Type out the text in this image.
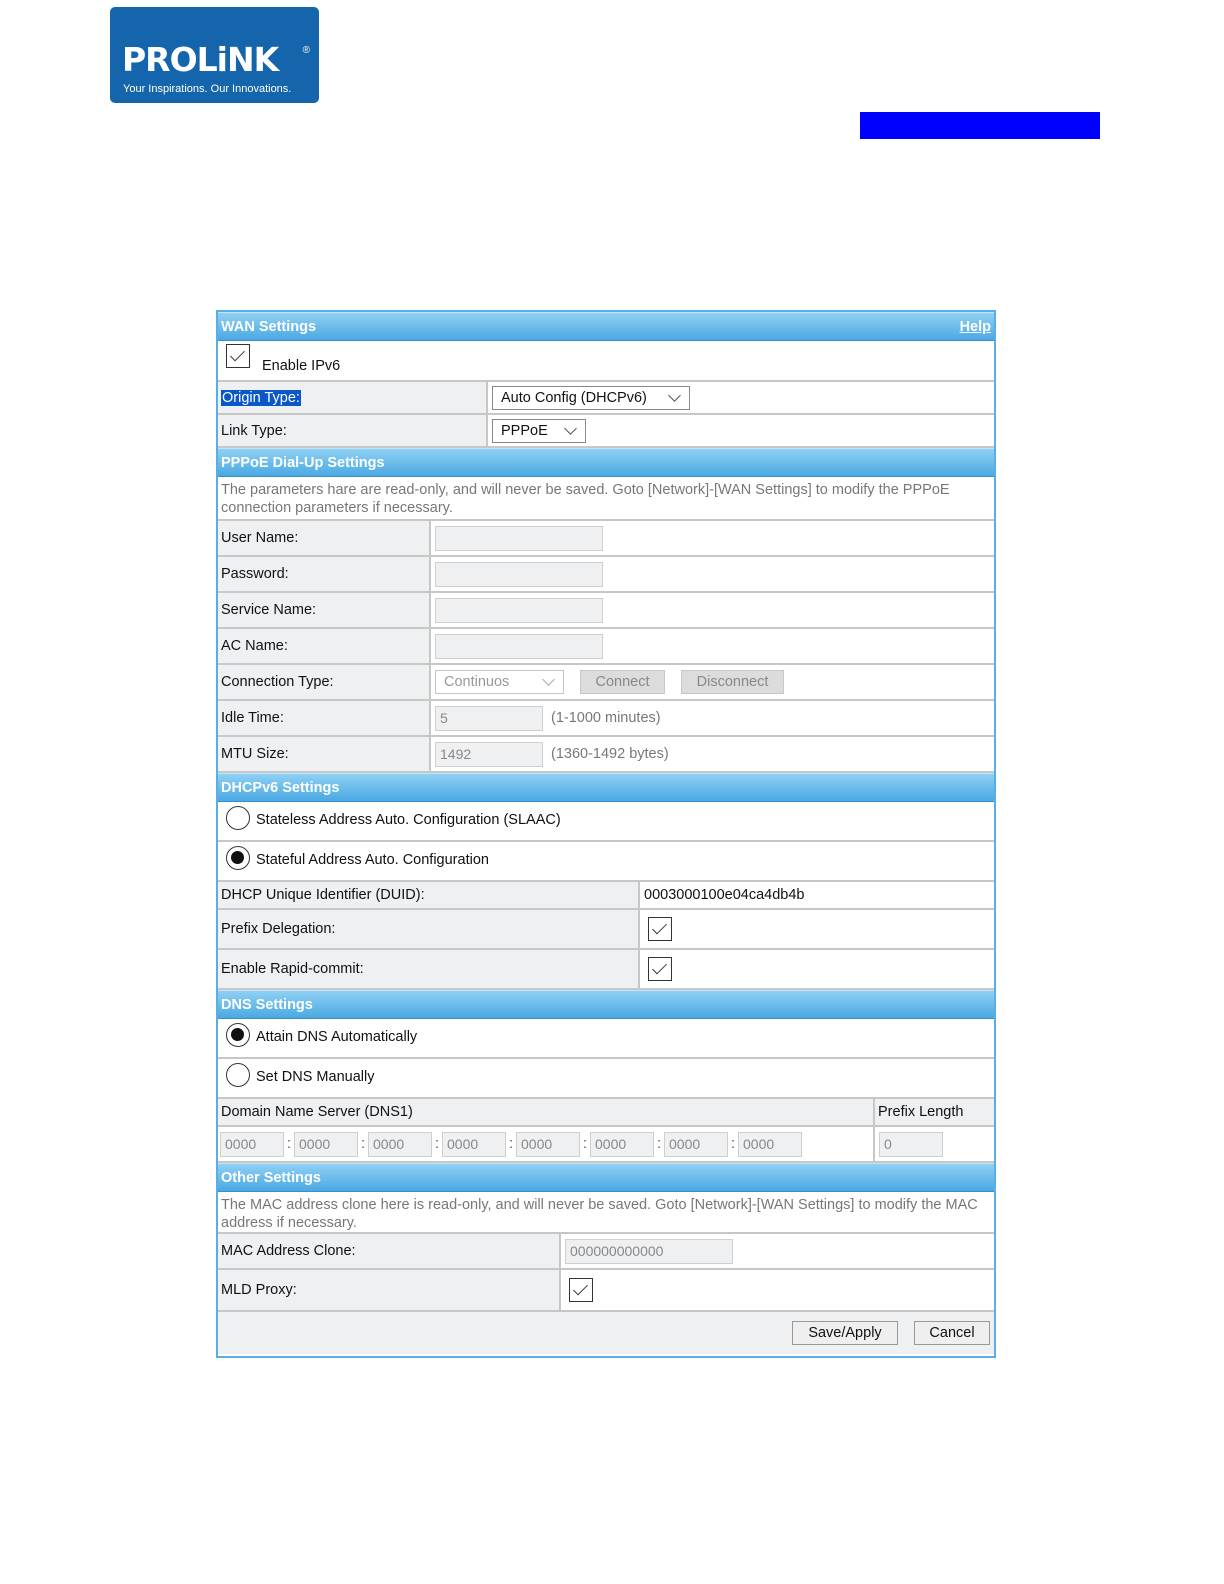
PROLiNK ®
Your Inspirations. Our Innovations.
WAN Settings	Help
Enable IPv6
Origin Type:	Auto Config (DHCPv6)
Link Type:	PPPoE
PPPoE Dial-Up Settings
The parameters hare are read-only, and will never be saved. Goto [Network]-[WAN Settings] to modify the PPPoE connection parameters if necessary.
User Name:
Password:
Service Name:
AC Name:
Connection Type:	Continuos	Connect	Disconnect
Idle Time:	5	(1-1000 minutes)
MTU Size:	1492	(1360-1492 bytes)
DHCPv6 Settings
Stateless Address Auto. Configuration (SLAAC)
Stateful Address Auto. Configuration
DHCP Unique Identifier (DUID):	0003000100e04ca4db4b
Prefix Delegation:
Enable Rapid-commit:
DNS Settings
Attain DNS Automatically
Set DNS Manually
Domain Name Server (DNS1)	Prefix Length
0000	: 0000	: 0000	: 0000	: 0000	: 0000	: 0000	: 0000	0
Other Settings
The MAC address clone here is read-only, and will never be saved. Goto [Network]-[WAN Settings] to modify the MAC address if necessary.
MAC Address Clone:	000000000000
MLD Proxy:
Save/Apply	Cancel
